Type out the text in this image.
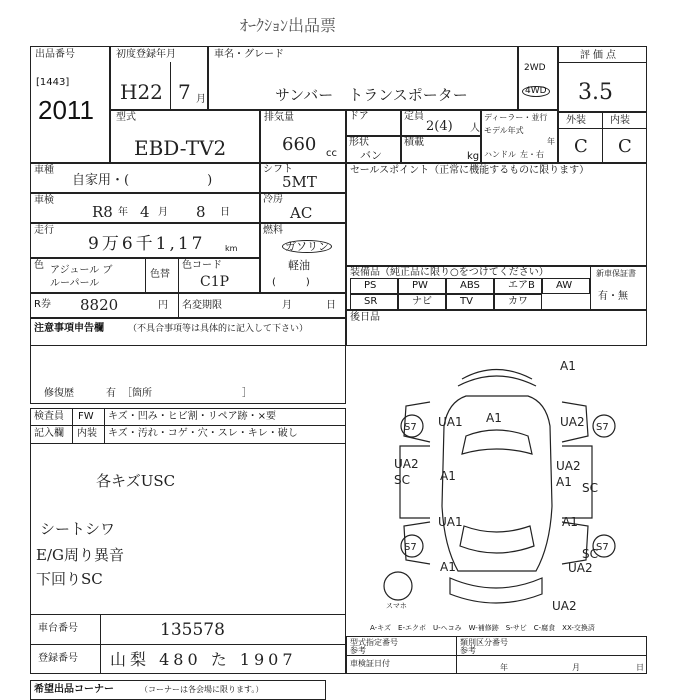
ｵｰｸｼｮﾝ出品票
出品番号
[1443]
2011
初度登録年月
H22 7 月
車名・グレード
サンバー　トランスポーター
2WD
4WD
評価点
3.5
型式
EBD-TV2
排気量
660 cc
ドア	定員
2(4) 人
ディーラー・並行
モデル年式
年
形状
バン
積載
kg ハンドル 左・右
外装 内装
C C
車種
自家用・(　　　　　　)
シフト
5MT
セールスポイント（正常に機能するものに限ります）
車検
R8 年 4 月 8 日
冷房
AC
走行
9万6千1,17 km
燃料
ガソリン
軽油
(　　　)
色 アジュール ブルーパール
色替
色コード
C1P
装備品（純正品に限り○をつけてください）	新車保証書
有・無
PS	PW	ABS	エアB AW
SR	ナビ	TV	カワ
R券 8820	円 名変期限	月	日
後日品
注意事項申告欄	（不具合事項等は具体的に記入して下さい）
修復歴	有 ［箇所　　　　　　　　　］
検査員
記入欄
FW
内装
キズ・凹み・ヒビ割・リペア跡・×要
キズ・汚れ・コゲ・穴・スレ・キレ・破し
各キズUSC
シートシワ
E/G周り異音
下回りSC
A1
A1
UA1	UA2
S7	S7
UA2
SC	A1
UA2
SC
A1
UA1	A1
S7	S7
SC
A1	UA2
UA2
スマホ
A-キズ　E-エクボ　U-ヘコみ　W-補修跡　S-サビ　C-腐食　XX-交換済
車台番号	135578
登録番号 山梨 480 た 1907
型式指定番号
参考
類別区分番号
参考
車検証日付	年	月	日
希望出品コーナー	（コーナーは各会場に限ります。）
